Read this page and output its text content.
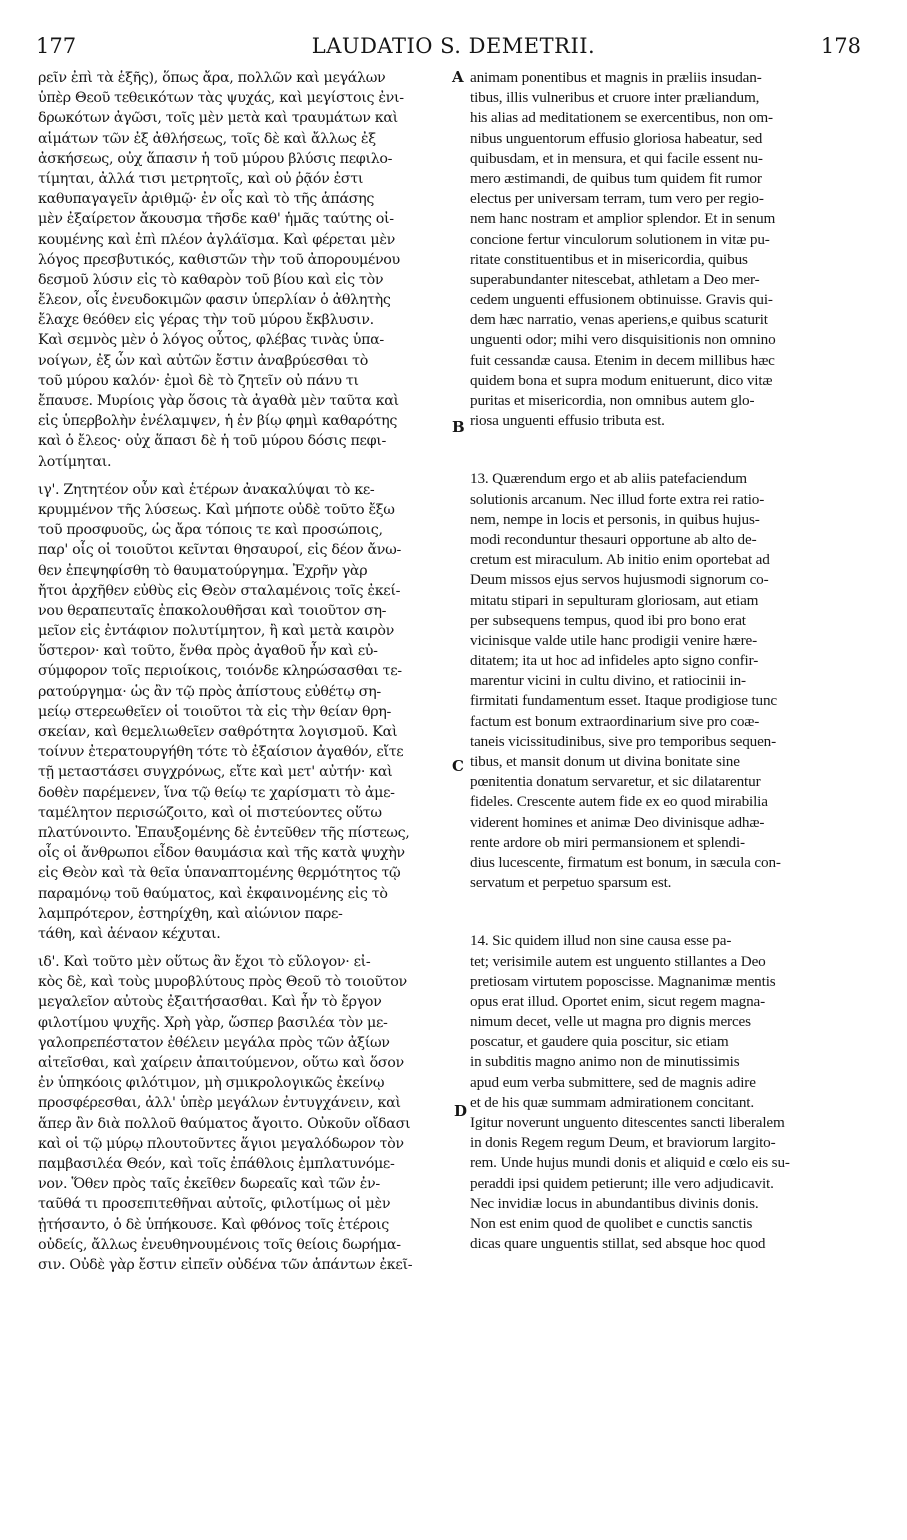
177	LAUDATIO S. DEMETRII.	178
ρεῖν ἐπὶ τὰ ἑξῆς), ὅπως ἄρα, πολλῶν καὶ μεγάλων
ὑπὲρ Θεοῦ τεθεικότων τὰς ψυχάς, καὶ μεγίστοις ἐνι-
δρωκότων ἀγῶσι, τοῖς μὲν μετὰ καὶ τραυμάτων καὶ
αἱμάτων τῶν ἐξ ἀθλήσεως, τοῖς δὲ καὶ ἄλλως ἐξ
ἀσκήσεως, οὐχ ἅπασιν ἡ τοῦ μύρου βλύσις πεφιλο-
τίμηται, ἀλλά τισι μετρητοῖς, καὶ οὐ ῥᾷόν ἐστι
καθυπαγαγεῖν ἀριθμῷ· ἐν οἷς καὶ τὸ τῆς ἁπάσης
μὲν ἐξαίρετον ἄκουσμα τῆσδε καθ' ἡμᾶς ταύτης οἰ-
κουμένης καὶ ἐπὶ πλέον ἀγλάϊσμα. Καὶ φέρεται μὲν
λόγος πρεσβυτικός, καθιστῶν τὴν τοῦ ἀπορουμένου
δεσμοῦ λύσιν εἰς τὸ καθαρὸν τοῦ βίου καὶ εἰς τὸν
ἔλεον, οἷς ἐνευδοκιμῶν φασιν ὑπερλίαν ὁ ἀθλητὴς
ἔλαχε θεόθεν εἰς γέρας τὴν τοῦ μύρου ἔκβλυσιν.
Καὶ σεμνὸς μὲν ὁ λόγος οὗτος, φλέβας τινὰς ὑπα-
νοίγων, ἐξ ὧν καὶ αὐτῶν ἔστιν ἀναβρύεσθαι τὸ
τοῦ μύρου καλόν· ἐμοὶ δὲ τὸ ζητεῖν οὐ πάνυ τι
ἔπαυσε. Μυρίοις γὰρ ὅσοις τὰ ἀγαθὰ μὲν ταῦτα καὶ
εἰς ὑπερβολὴν ἐνέλαμψεν, ἡ ἐν βίῳ φημὶ καθαρότης
καὶ ὁ ἔλεος· οὐχ ἅπασι δὲ ἡ τοῦ μύρου δόσις πεφι-
λοτίμηται.
ιγ'. Ζητητέον οὖν καὶ ἑτέρων ἀνακαλύψαι τὸ κε-
κρυμμένον τῆς λύσεως. Καὶ μήποτε οὐδὲ τοῦτο ἔξω
τοῦ προσφυοῦς, ὡς ἄρα τόποις τε καὶ προσώποις,
παρ' οἷς οἱ τοιοῦτοι κεῖνται θησαυροί, εἰς δέον ἄνω-
θεν ἐπεψηφίσθη τὸ θαυματούργημα. Ἐχρῆν γὰρ
ἤτοι ἀρχῆθεν εὐθὺς εἰς Θεὸν σταλαμένοις τοῖς ἐκεί-
νου θεραπευταῖς ἐπακολουθῆσαι καὶ τοιοῦτον ση-
μεῖον εἰς ἐντάφιον πολυτίμητον, ἢ καὶ μετὰ καιρὸν
ὕστερον· καὶ τοῦτο, ἔνθα πρὸς ἀγαθοῦ ἦν καὶ εὐ-
σύμφορον τοῖς περιοίκοις, τοιόνδε κληρώσασθαι τε-
ρατούργημα· ὡς ἂν τῷ πρὸς ἀπίστους εὐθέτῳ ση-
μείῳ στερεωθεῖεν οἱ τοιοῦτοι τὰ εἰς τὴν θείαν θρη-
σκείαν, καὶ θεμελιωθεῖεν σαθρότητα λογισμοῦ. Καὶ
τοίνυν ἐτερατουργήθη τότε τὸ ἐξαίσιον ἀγαθόν, εἴτε
τῇ μεταστάσει συγχρόνως, εἴτε καὶ μετ' αὐτήν· καὶ
δοθὲν παρέμενεν, ἵνα τῷ θείῳ τε χαρίσματι τὸ ἀμε-
ταμέλητον περισώζοιτο, καὶ οἱ πιστεύοντες οὕτω
πλατύνοιντο. Ἐπαυξομένης δὲ ἐντεῦθεν τῆς πίστεως,
οἷς οἱ ἄνθρωποι εἶδον θαυμάσια καὶ τῆς κατὰ ψυχὴν
εἰς Θεὸν καὶ τὰ θεῖα ὑπαναπτομένης θερμότητος τῷ
παραμόνῳ τοῦ θαύματος, καὶ ἐκφαινομένης εἰς τὸ
λαμπρότερον, ἐστηρίχθη, καὶ αἰώνιον παρε-
τάθη, καὶ ἀέναον κέχυται.
ιδ'. Καὶ τοῦτο μὲν οὕτως ἂν ἔχοι τὸ εὔλογον· εἰ-
κὸς δὲ, καὶ τοὺς μυροβλύτους πρὸς Θεοῦ τὸ τοιοῦτον
μεγαλεῖον αὐτοὺς ἐξαιτήσασθαι. Καὶ ἦν τὸ ἔργον
φιλοτίμου ψυχῆς. Χρὴ γὰρ, ὥσπερ βασιλέα τὸν με-
γαλοπρεπέστατον ἐθέλειν μεγάλα πρὸς τῶν ἀξίων
αἰτεῖσθαι, καὶ χαίρειν ἀπαιτούμενον, οὕτω καὶ ὅσον
ἐν ὑπηκόοις φιλότιμον, μὴ σμικρολογικῶς ἐκείνῳ
προσφέρεσθαι, ἀλλ' ὑπὲρ μεγάλων ἐντυγχάνειν, καὶ
ἅπερ ἂν διὰ πολλοῦ θαύματος ἄγοιτο. Οὐκοῦν οἴδασι
καὶ οἱ τῷ μύρῳ πλουτοῦντες ἅγιοι μεγαλόδωρον τὸν
παμβασιλέα Θεόν, καὶ τοῖς ἐπάθλοις ἐμπλατυνόμε-
νον. Ὅθεν πρὸς ταῖς ἐκεῖθεν δωρεαῖς καὶ τῶν ἐν-
ταῦθά τι προσεπιτεθῆναι αὐτοῖς, φιλοτίμως οἱ μὲν
ᾐτήσαντο, ὁ δὲ ὑπήκουσε. Καὶ φθόνος τοῖς ἑτέροις
οὐδείς, ἄλλως ἐνευθηνουμένοις τοῖς θείοις δωρήμα-
σιν. Οὐδὲ γὰρ ἔστιν εἰπεῖν οὐδένα τῶν ἁπάντων ἐκεῖ-
animam ponentibus et magnis in præliis insudan-
tibus, illis vulneribus et cruore inter præliandum,
his alias ad meditationem se exercentibus, non om-
nibus unguentorum effusio gloriosa habeatur, sed
quibusdam, et in mensura, et qui facile essent nu-
mero æstimandi, de quibus tum quidem fit rumor
electus per universam terram, tum vero per regio-
nem hanc nostram et amplior splendor. Et in senum
concione fertur vinculorum solutionem in vitæ pu-
ritate constituentibus et in misericordia, quibus
superabundanter nitescebat, athletam a Deo mer-
cedem unguenti effusionem obtinuisse. Gravis qui-
dem hæc narratio, venas aperiens,e quibus scaturit
unguenti odor; mihi vero disquisitionis non omnino
fuit cessandæ causa. Etenim in decem millibus hæc
quidem bona et supra modum enituerunt, dico vitæ
puritas et misericordia, non omnibus autem glo-
riosa unguenti effusio tributa est.
13. Quærendum ergo et ab aliis patefaciendum
solutionis arcanum. Nec illud forte extra rei ratio-
nem, nempe in locis et personis, in quibus hujus-
modi reconduntur thesauri opportune ab alto de-
cretum est miraculum. Ab initio enim oportebat ad
Deum missos ejus servos hujusmodi signorum co-
mitatu stipari in sepulturam gloriosam, aut etiam
per subsequens tempus, quod ibi pro bono erat
vicinisque valde utile hanc prodigii venire hære-
ditatem; ita ut hoc ad infideles apto signo confir-
marentur vicini in cultu divino, et ratiocinii in-
firmitati fundamentum esset. Itaque prodigiose tunc
factum est bonum extraordinarium sive pro coæ-
taneis vicissitudinibus, sive pro temporibus sequen-
tibus, et mansit donum ut divina bonitate sine
pœnitentia donatum servaretur, et sic dilatarentur
fideles. Crescente autem fide ex eo quod mirabilia
viderent homines et animæ Deo divinisque adhæ-
rente ardore ob miri permansionem et splendi-
dius lucescente, firmatum est bonum, in sæcula con-
servatum et perpetuo sparsum est.
14. Sic quidem illud non sine causa esse pa-
tet; verisimile autem est unguento stillantes a Deo
pretiosam virtutem poposcisse. Magnanimæ mentis
opus erat illud. Oportet enim, sicut regem magna-
nimum decet, velle ut magna pro dignis merces
poscatur, et gaudere quia poscitur, sic etiam
in subditis magno animo non de minutissimis
apud eum verba submittere, sed de magnis adire
et de his quæ summam admirationem concitant.
Igitur noverunt unguento ditescentes sancti liberalem
in donis Regem regum Deum, et braviorum largito-
rem. Unde hujus mundi donis et aliquid e cœlo eis su-
peraddi ipsi quidem petierunt; ille vero adjudicavit.
Nec invidiæ locus in abundantibus divinis donis.
Non est enim quod de quolibet e cunctis sanctis
dicas quare unguentis stillat, sed absque hoc quod
A
B
C
D
